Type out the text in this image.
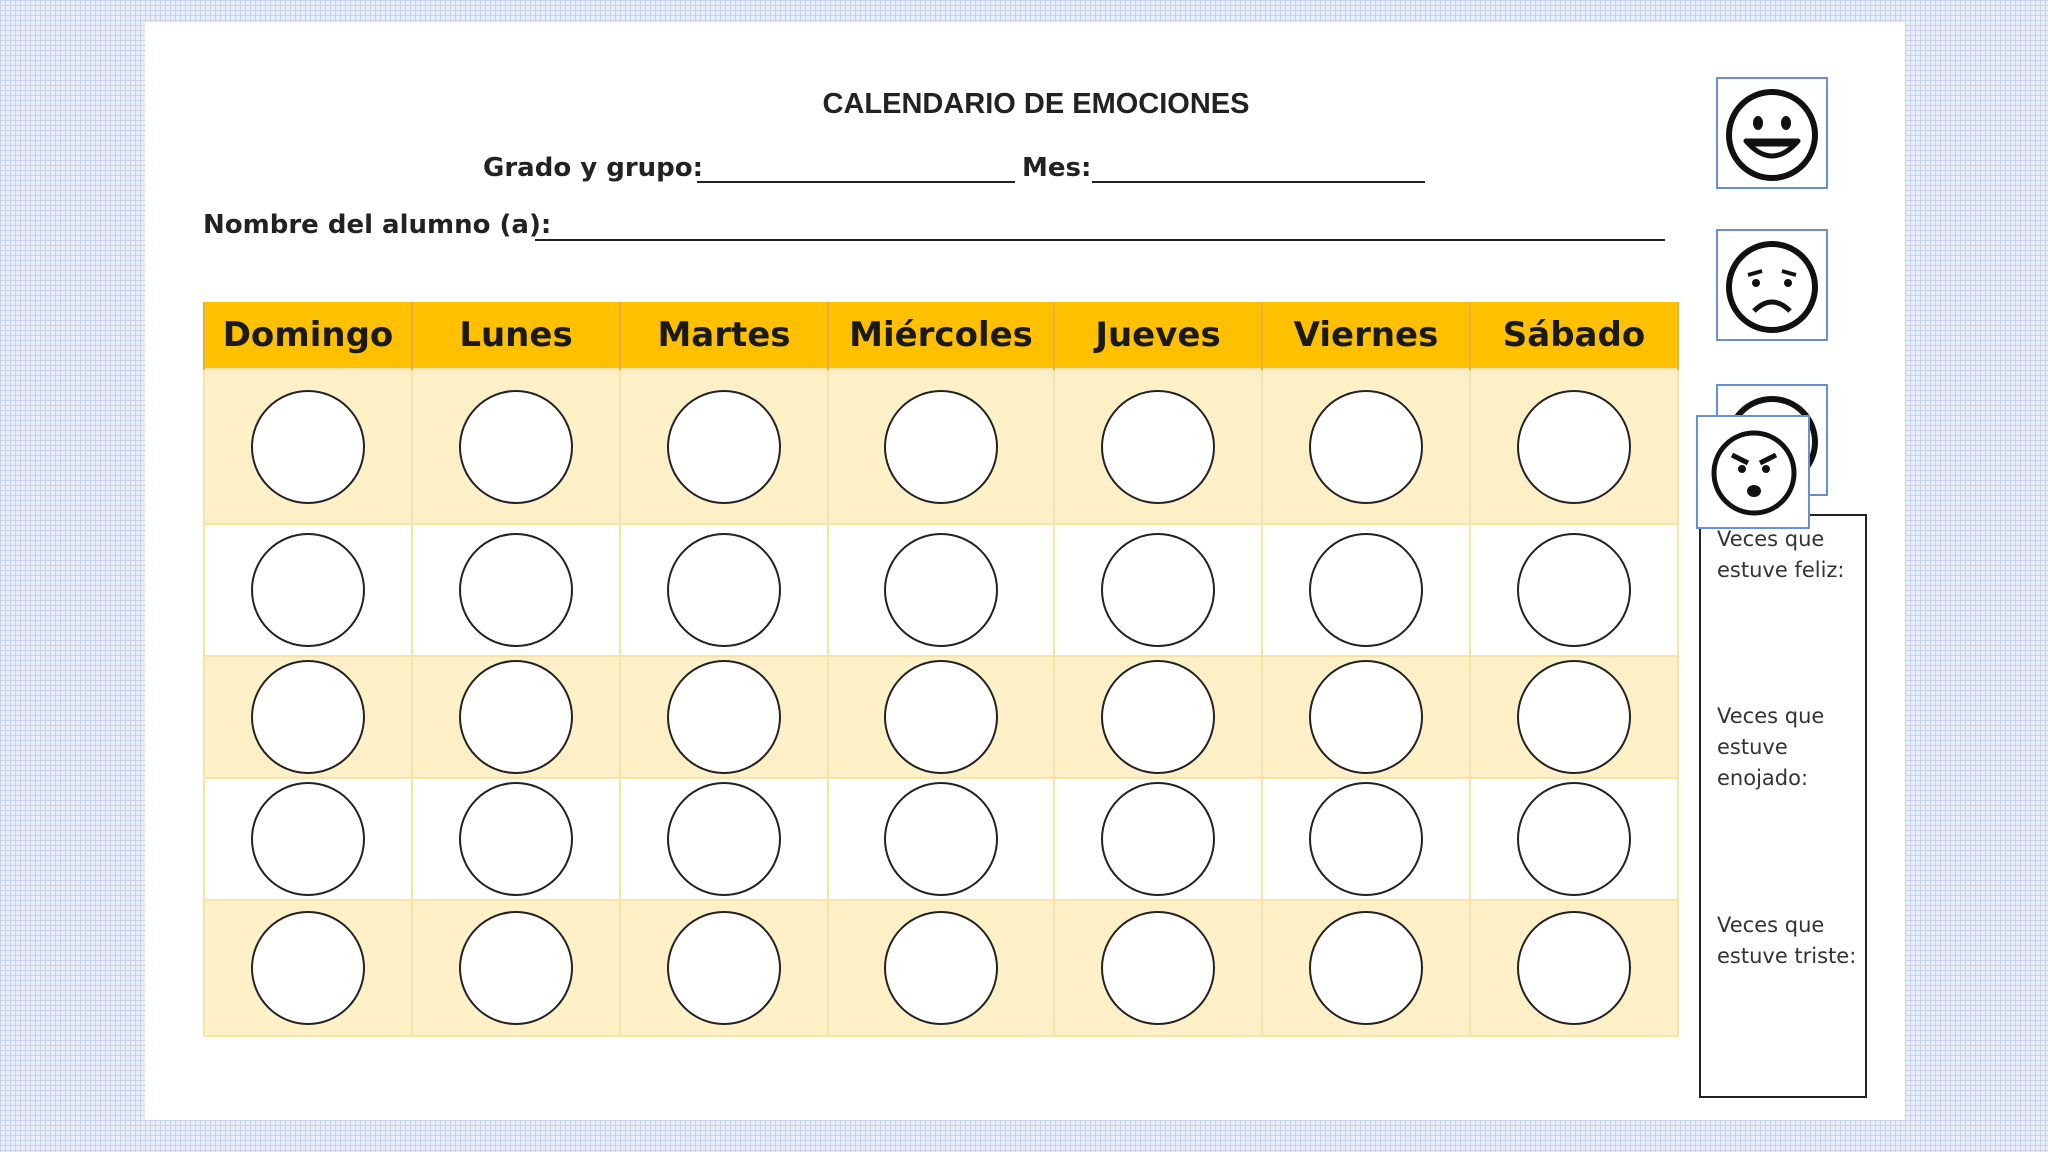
CALENDARIO DE EMOCIONES
Grado y grupo:	Mes:
Nombre del alumno (a):
Domingo	Lunes	Martes	Miércoles	Jueves	Viernes	Sábado

Veces que estuve feliz:
Veces que estuve enojado:
Veces que estuve triste:
